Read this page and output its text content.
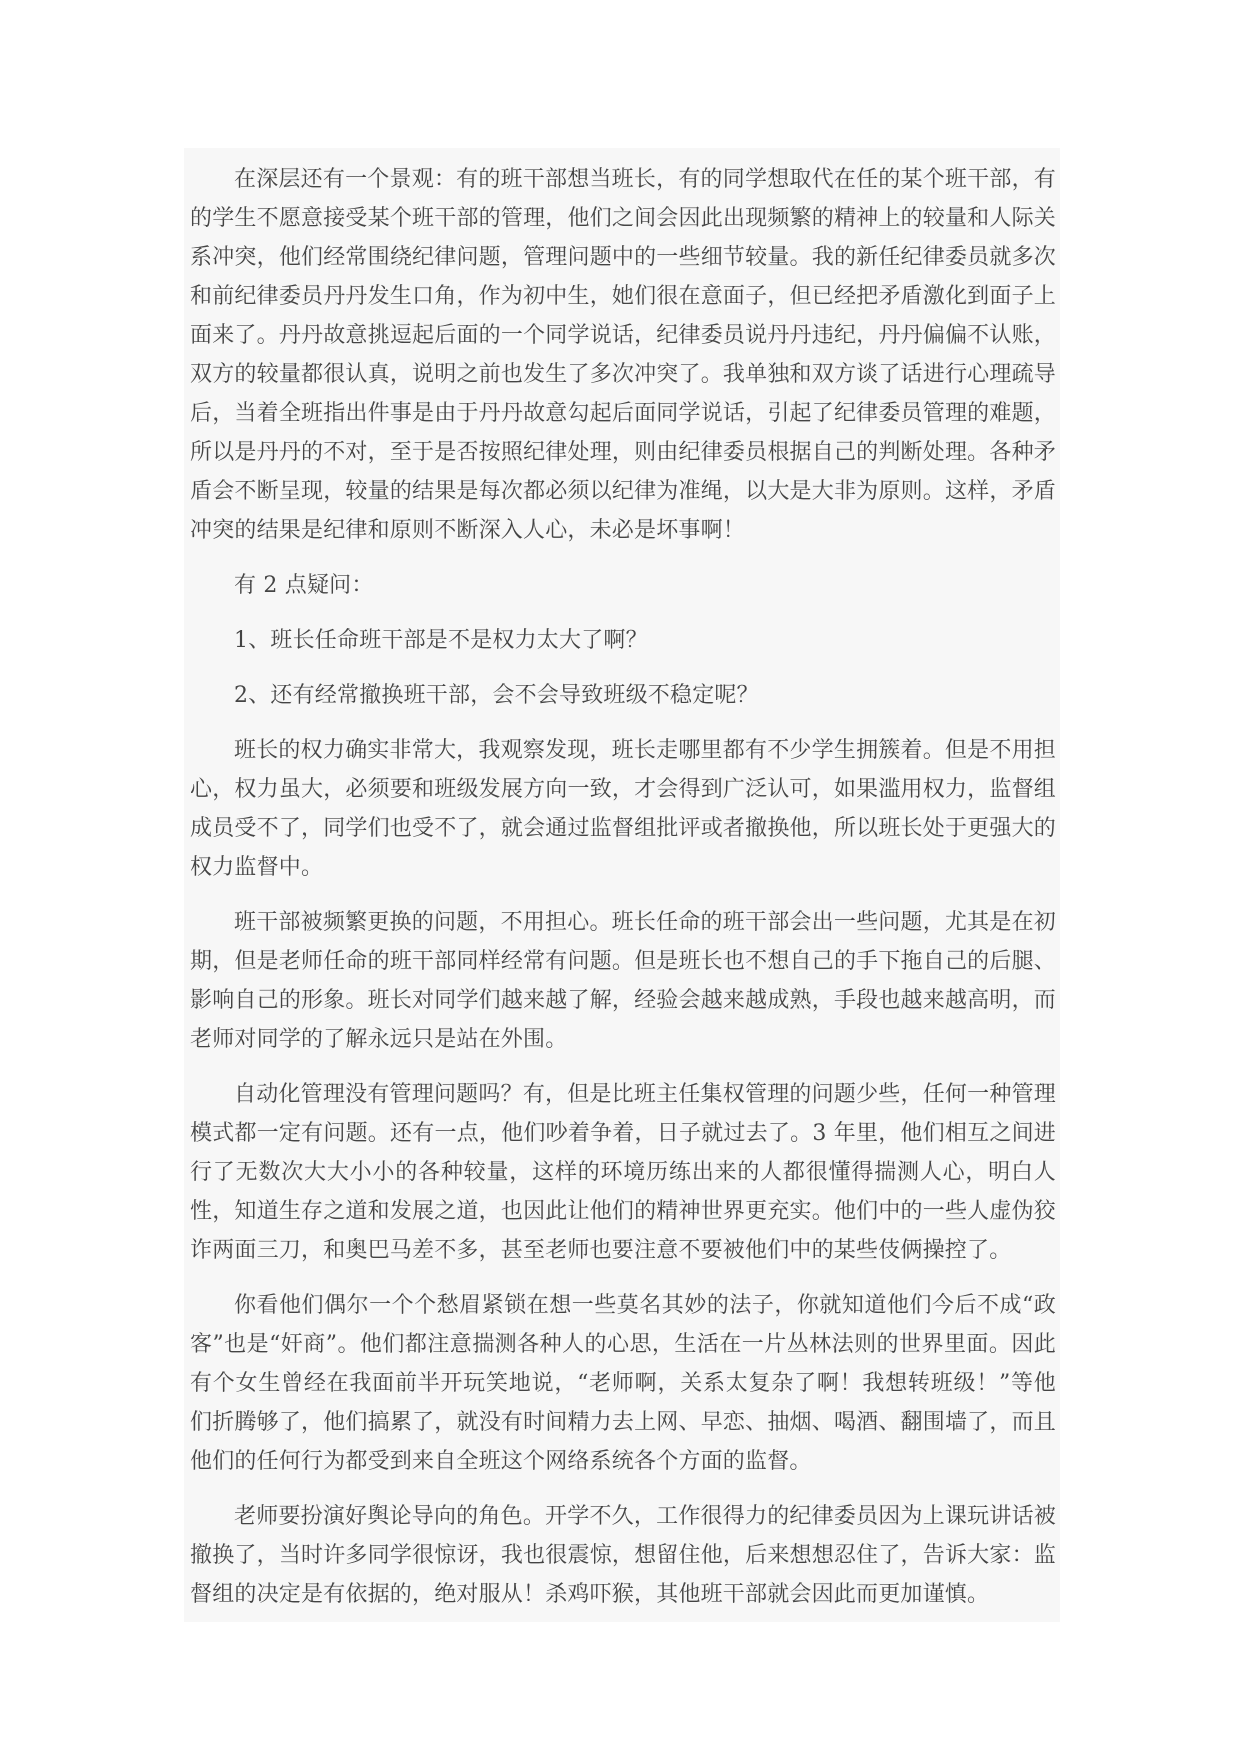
在深层还有一个景观：有的班干部想当班长，有的同学想取代在任的某个班干部，有的学生不愿意接受某个班干部的管理，他们之间会因此出现频繁的精神上的较量和人际关系冲突，他们经常围绕纪律问题，管理问题中的一些细节较量。我的新任纪律委员就多次和前纪律委员丹丹发生口角，作为初中生，她们很在意面子，但已经把矛盾激化到面子上面来了。丹丹故意挑逗起后面的一个同学说话，纪律委员说丹丹违纪，丹丹偏偏不认账，双方的较量都很认真，说明之前也发生了多次冲突了。我单独和双方谈了话进行心理疏导后，当着全班指出件事是由于丹丹故意勾起后面同学说话，引起了纪律委员管理的难题，所以是丹丹的不对，至于是否按照纪律处理，则由纪律委员根据自己的判断处理。各种矛盾会不断呈现，较量的结果是每次都必须以纪律为准绳，以大是大非为原则。这样，矛盾冲突的结果是纪律和原则不断深入人心，未必是坏事啊！

有 2 点疑问：

1、班长任命班干部是不是权力太大了啊？

2、还有经常撤换班干部，会不会导致班级不稳定呢？

班长的权力确实非常大，我观察发现，班长走哪里都有不少学生拥簇着。但是不用担心，权力虽大，必须要和班级发展方向一致，才会得到广泛认可，如果滥用权力，监督组成员受不了，同学们也受不了，就会通过监督组批评或者撤换他，所以班长处于更强大的权力监督中。

班干部被频繁更换的问题，不用担心。班长任命的班干部会出一些问题，尤其是在初期，但是老师任命的班干部同样经常有问题。但是班长也不想自己的手下拖自己的后腿、影响自己的形象。班长对同学们越来越了解，经验会越来越成熟，手段也越来越高明，而老师对同学的了解永远只是站在外围。

自动化管理没有管理问题吗？有，但是比班主任集权管理的问题少些，任何一种管理模式都一定有问题。还有一点，他们吵着争着，日子就过去了。3 年里，他们相互之间进行了无数次大大小小的各种较量，这样的环境历练出来的人都很懂得揣测人心，明白人性，知道生存之道和发展之道，也因此让他们的精神世界更充实。他们中的一些人虚伪狡诈两面三刀，和奥巴马差不多，甚至老师也要注意不要被他们中的某些伎俩操控了。

你看他们偶尔一个个愁眉紧锁在想一些莫名其妙的法子，你就知道他们今后不成“政客”也是“奸商”。他们都注意揣测各种人的心思，生活在一片丛林法则的世界里面。因此有个女生曾经在我面前半开玩笑地说，“老师啊，关系太复杂了啊！我想转班级！”等他们折腾够了，他们搞累了，就没有时间精力去上网、早恋、抽烟、喝酒、翻围墙了，而且他们的任何行为都受到来自全班这个网络系统各个方面的监督。

老师要扮演好舆论导向的角色。开学不久，工作很得力的纪律委员因为上课玩讲话被撤换了，当时许多同学很惊讶，我也很震惊，想留住他，后来想想忍住了，告诉大家：监督组的决定是有依据的，绝对服从！杀鸡吓猴，其他班干部就会因此而更加谨慎。
